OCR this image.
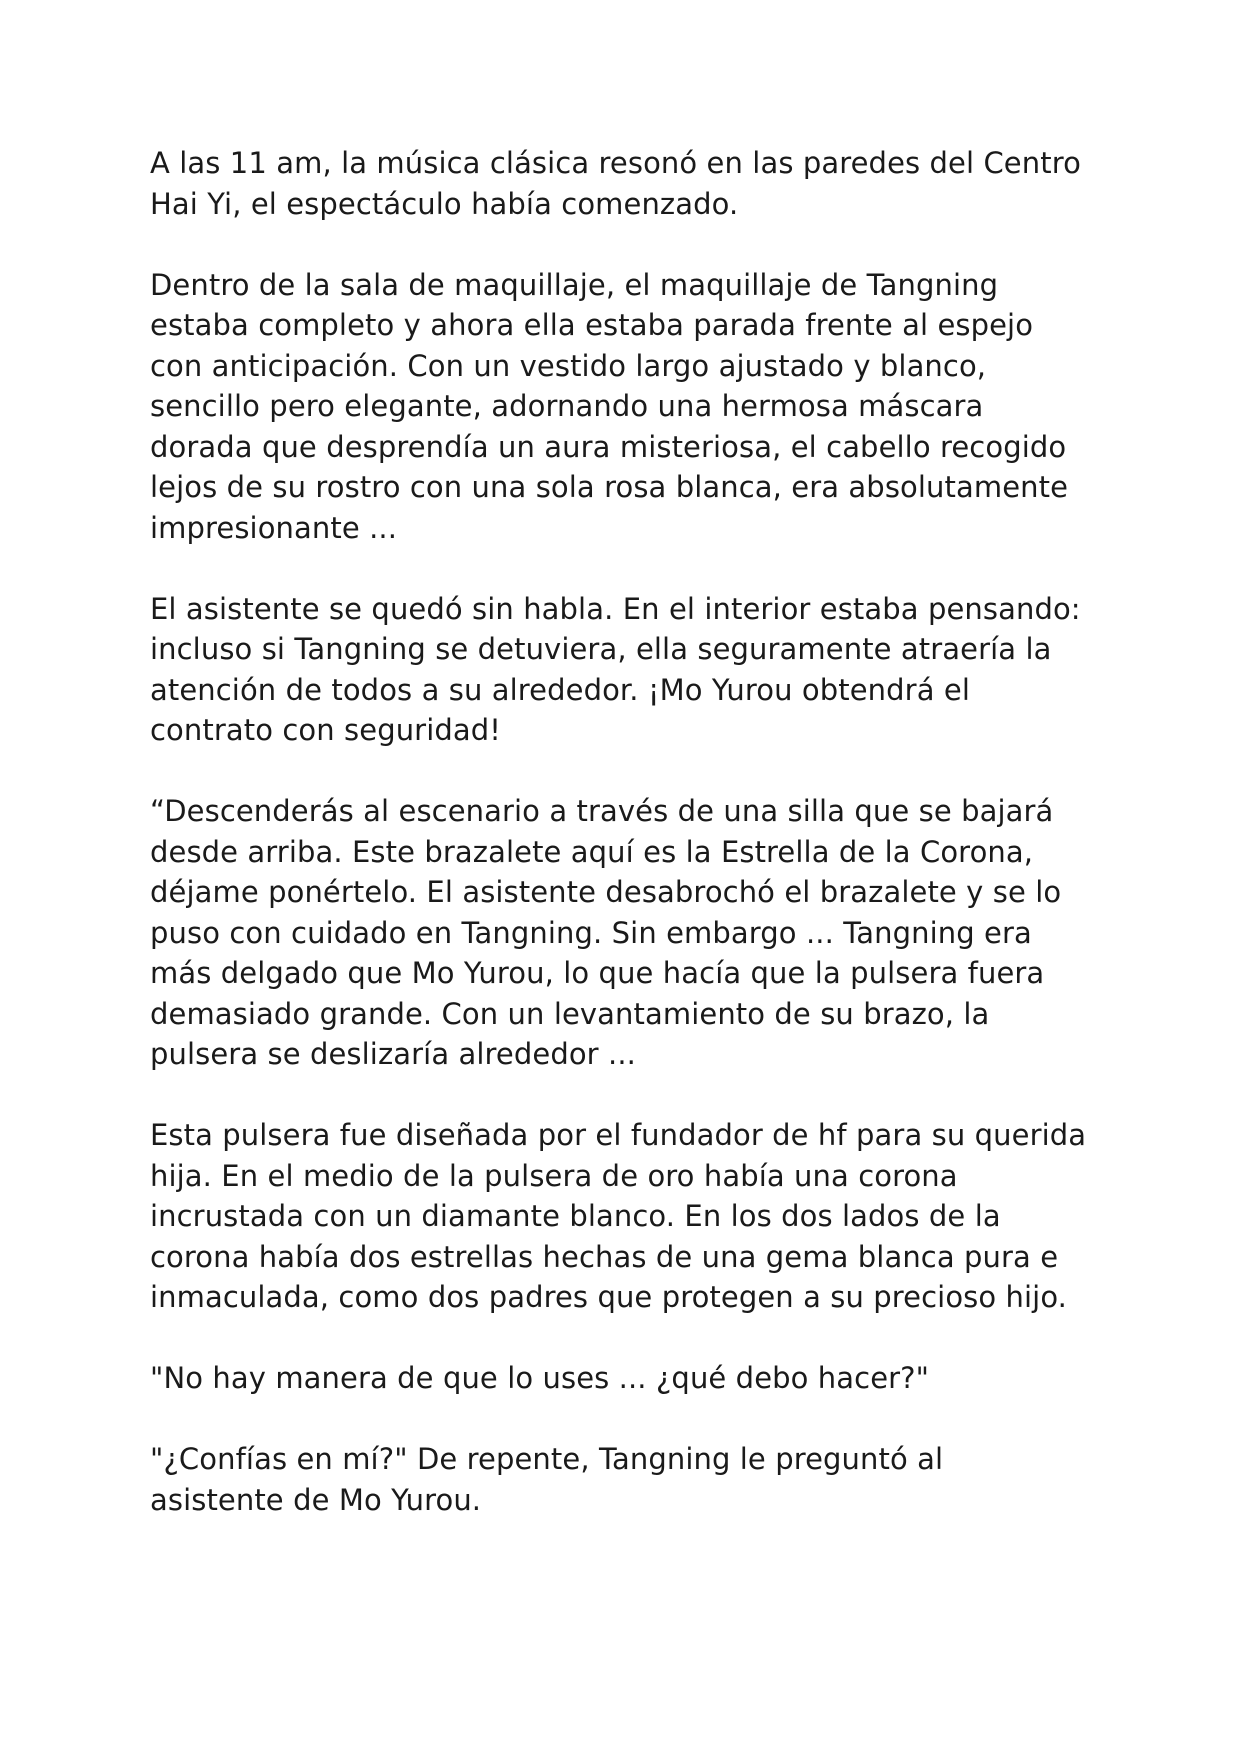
A las 11 am, la música clásica resonó en las paredes del Centro
Hai Yi, el espectáculo había comenzado.

Dentro de la sala de maquillaje, el maquillaje de Tangning
estaba completo y ahora ella estaba parada frente al espejo
con anticipación. Con un vestido largo ajustado y blanco,
sencillo pero elegante, adornando una hermosa máscara
dorada que desprendía un aura misteriosa, el cabello recogido
lejos de su rostro con una sola rosa blanca, era absolutamente
impresionante ...

El asistente se quedó sin habla. En el interior estaba pensando:
incluso si Tangning se detuviera, ella seguramente atraería la
atención de todos a su alrededor. ¡Mo Yurou obtendrá el
contrato con seguridad!

“Descenderás al escenario a través de una silla que se bajará
desde arriba. Este brazalete aquí es la Estrella de la Corona,
déjame ponértelo. El asistente desabrochó el brazalete y se lo
puso con cuidado en Tangning. Sin embargo ... Tangning era
más delgado que Mo Yurou, lo que hacía que la pulsera fuera
demasiado grande. Con un levantamiento de su brazo, la
pulsera se deslizaría alrededor ...

Esta pulsera fue diseñada por el fundador de hf para su querida
hija. En el medio de la pulsera de oro había una corona
incrustada con un diamante blanco. En los dos lados de la
corona había dos estrellas hechas de una gema blanca pura e
inmaculada, como dos padres que protegen a su precioso hijo.

"No hay manera de que lo uses ... ¿qué debo hacer?"

"¿Confías en mí?" De repente, Tangning le preguntó al
asistente de Mo Yurou.
